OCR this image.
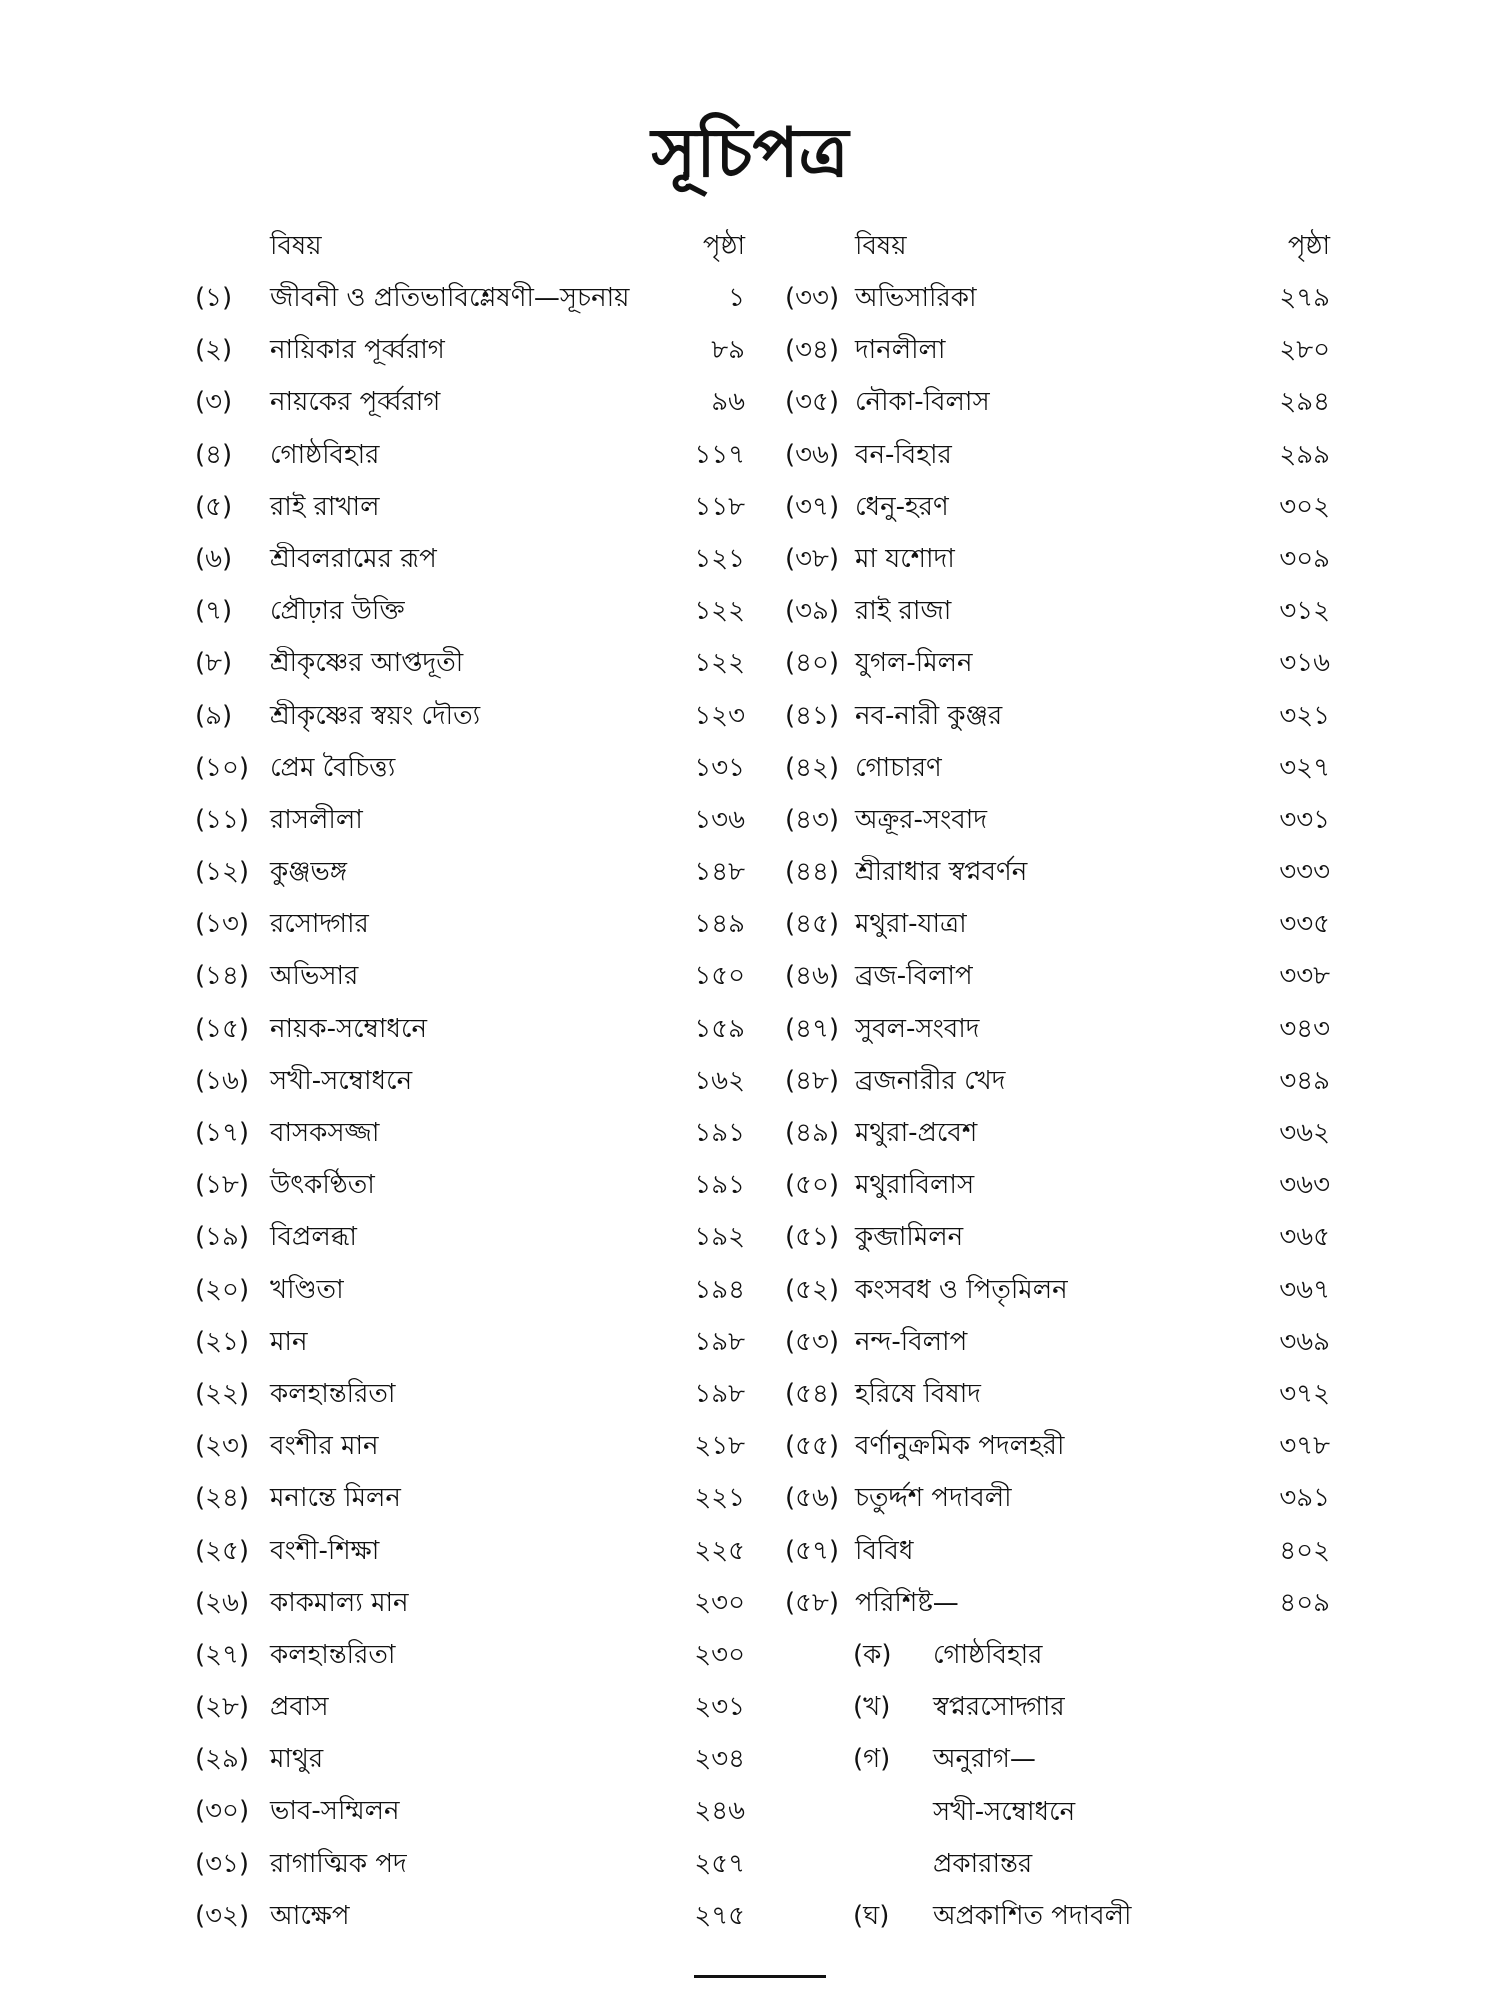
সূচিপত্র
বিষয়	পৃষ্ঠা
(১) জীবনী ও প্রতিভাবিশ্লেষণী—সূচনায়	১
(২) নায়িকার পূর্ব্বরাগ	৮৯
(৩) নায়কের পূর্ব্বরাগ	৯৬
(৪) গোষ্ঠবিহার	১১৭
(৫) রাই রাখাল	১১৮
(৬) শ্রীবলরামের রূপ	১২১
(৭) প্রৌঢ়ার উক্তি	১২২
(৮) শ্রীকৃষ্ণের আপ্তদূতী	১২২
(৯) শ্রীকৃষ্ণের স্বয়ং দৌত্য	১২৩
(১০) প্রেম বৈচিত্ত্য	১৩১
(১১) রাসলীলা	১৩৬
(১২) কুঞ্জভঙ্গ	১৪৮
(১৩) রসোদ্গার	১৪৯
(১৪) অভিসার	১৫০
(১৫) নায়ক-সম্বোধনে	১৫৯
(১৬) সখী-সম্বোধনে	১৬২
(১৭) বাসকসজ্জা	১৯১
(১৮) উৎকণ্ঠিতা	১৯১
(১৯) বিপ্রলব্ধা	১৯২
(২০) খণ্ডিতা	১৯৪
(২১) মান	১৯৮
(২২) কলহান্তরিতা	১৯৮
(২৩) বংশীর মান	২১৮
(২৪) মনান্তে মিলন	২২১
(২৫) বংশী-শিক্ষা	২২৫
(২৬) কাকমাল্য মান	২৩০
(২৭) কলহান্তরিতা	২৩০
(২৮) প্রবাস	২৩১
(২৯) মাথুর	২৩৪
(৩০) ভাব-সম্মিলন	২৪৬
(৩১) রাগাত্মিক পদ	২৫৭
(৩২) আক্ষেপ	২৭৫
বিষয়	পৃষ্ঠা
(৩৩) অভিসারিকা	২৭৯
(৩৪) দানলীলা	২৮০
(৩৫) নৌকা-বিলাস	২৯৪
(৩৬) বন-বিহার	২৯৯
(৩৭) ধেনু-হরণ	৩০২
(৩৮) মা যশোদা	৩০৯
(৩৯) রাই রাজা	৩১২
(৪০) যুগল-মিলন	৩১৬
(৪১) নব-নারী কুঞ্জর	৩২১
(৪২) গোচারণ	৩২৭
(৪৩) অক্রূর-সংবাদ	৩৩১
(৪৪) শ্রীরাধার স্বপ্নবর্ণন	৩৩৩
(৪৫) মথুরা-যাত্রা	৩৩৫
(৪৬) ব্রজ-বিলাপ	৩৩৮
(৪৭) সুবল-সংবাদ	৩৪৩
(৪৮) ব্রজনারীর খেদ	৩৪৯
(৪৯) মথুরা-প্রবেশ	৩৬২
(৫০) মথুরাবিলাস	৩৬৩
(৫১) কুব্জামিলন	৩৬৫
(৫২) কংসবধ ও পিতৃমিলন	৩৬৭
(৫৩) নন্দ-বিলাপ	৩৬৯
(৫৪) হরিষে বিষাদ	৩৭২
(৫৫) বর্ণানুক্রমিক পদলহরী	৩৭৮
(৫৬) চতুর্দ্দশ পদাবলী	৩৯১
(৫৭) বিবিধ	৪০২
(৫৮) পরিশিষ্ট—	৪০৯
(ক) গোষ্ঠবিহার
(খ) স্বপ্নরসোদ্গার
(গ) অনুরাগ—
সখী-সম্বোধনে
প্রকারান্তর
(ঘ) অপ্রকাশিত পদাবলী
